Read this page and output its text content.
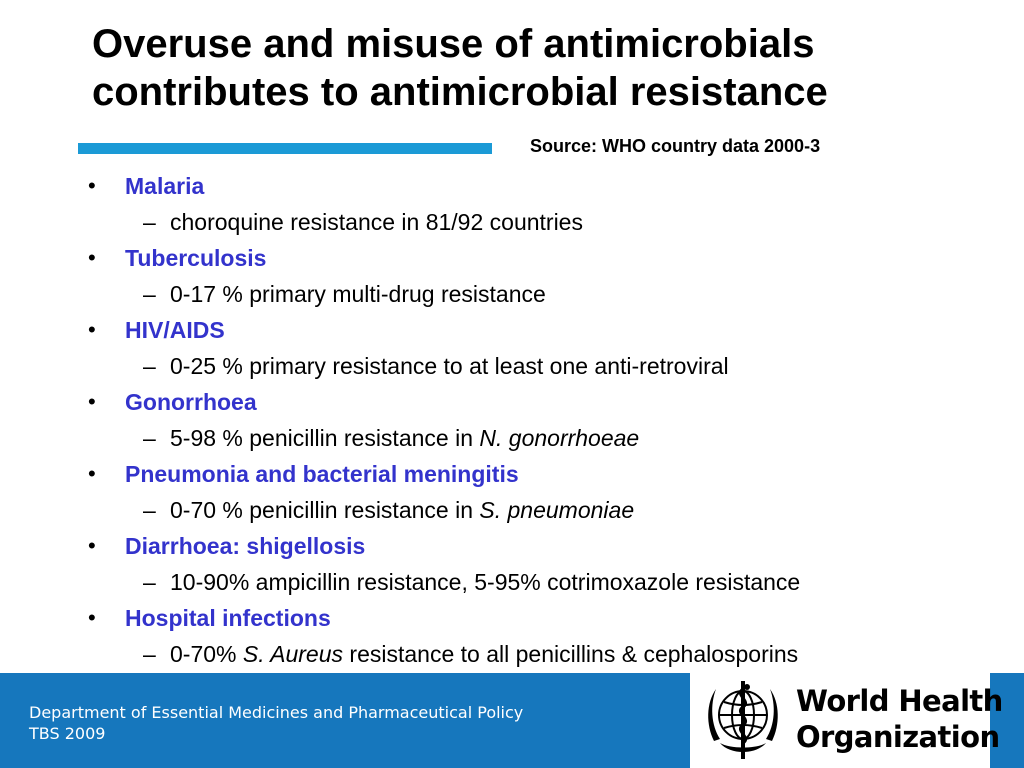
Overuse and misuse of antimicrobials
contributes to antimicrobial resistance
Source: WHO country data 2000-3
• Malaria
– choroquine resistance in 81/92 countries
• Tuberculosis
– 0-17 % primary multi-drug resistance
• HIV/AIDS
– 0-25 % primary resistance to at least one anti-retroviral
• Gonorrhoea
– 5-98 % penicillin resistance in N. gonorrhoeae
• Pneumonia and bacterial meningitis
– 0-70 % penicillin resistance in S. pneumoniae
• Diarrhoea: shigellosis
– 10-90% ampicillin resistance, 5-95% cotrimoxazole resistance
• Hospital infections
– 0-70% S. Aureus resistance to all penicillins & cephalosporins
Department of Essential Medicines and Pharmaceutical Policy
TBS 2009
World Health
Organization
